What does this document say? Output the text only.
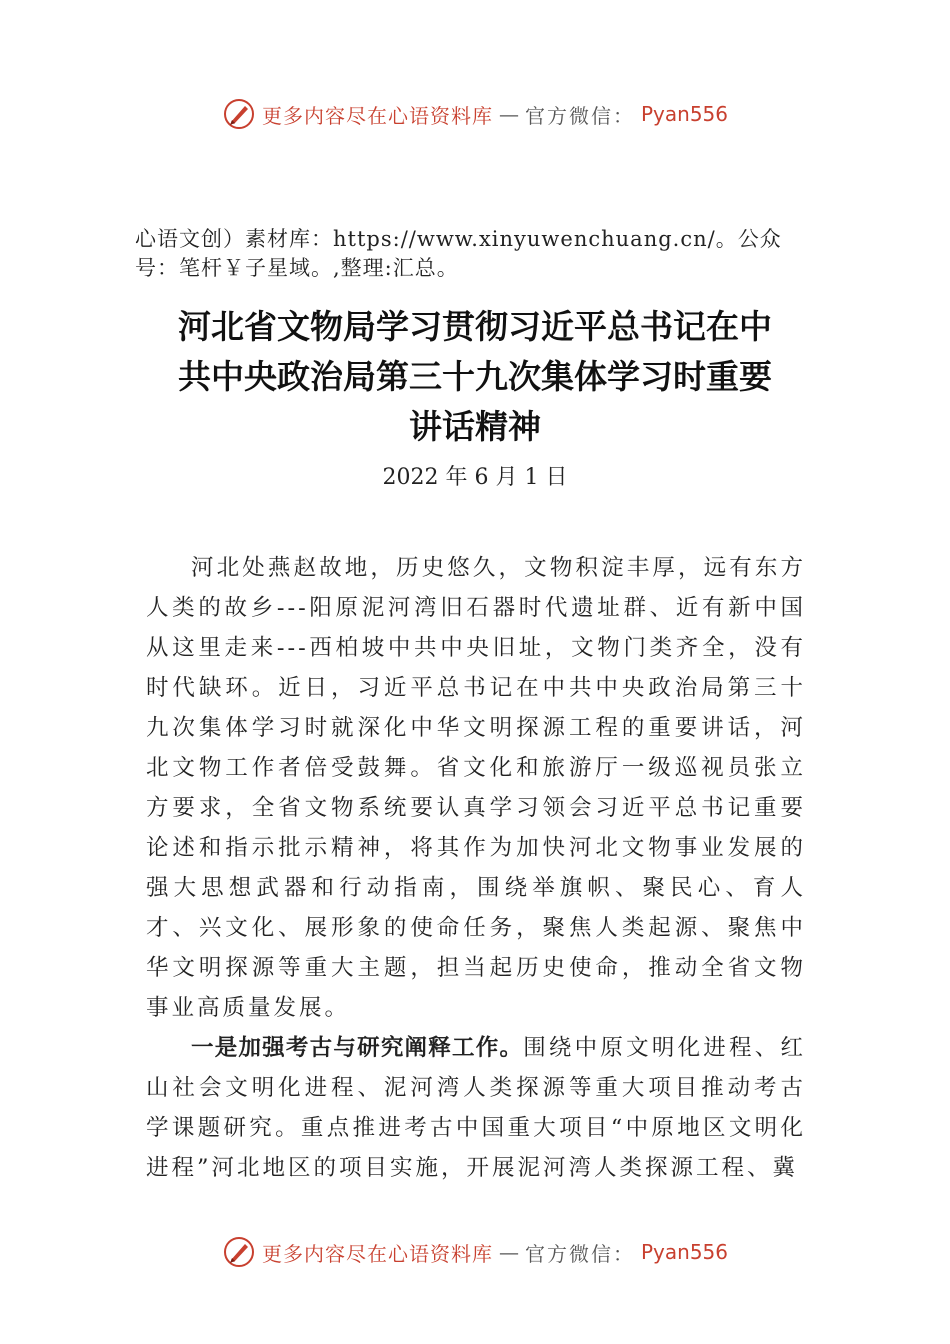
更多内容尽在心语资料库 — 官方微信： Pyan556
心语文创）素材库：https://www.xinyuwenchuang.cn/。公众号：笔杆￥子星域。,整理:汇总。
河北省文物局学习贯彻习近平总书记在中
共中央政治局第三十九次集体学习时重要
讲话精神
2022 年 6 月 1 日

河北处燕赵故地，历史悠久，文物积淀丰厚，远有东方人类的故乡---阳原泥河湾旧石器时代遗址群、近有新中国从这里走来---西柏坡中共中央旧址，文物门类齐全，没有时代缺环。近日，习近平总书记在中共中央政治局第三十九次集体学习时就深化中华文明探源工程的重要讲话，河北文物工作者倍受鼓舞。省文化和旅游厅一级巡视员张立方要求，全省文物系统要认真学习领会习近平总书记重要论述和指示批示精神，将其作为加快河北文物事业发展的强大思想武器和行动指南，围绕举旗帜、聚民心、育人才、兴文化、展形象的使命任务，聚焦人类起源、聚焦中华文明探源等重大主题，担当起历史使命，推动全省文物事业高质量发展。

一是加强考古与研究阐释工作。围绕中原文明化进程、红山社会文明化进程、泥河湾人类探源等重大项目推动考古学课题研究。重点推进考古中国重大项目“中原地区文明化进程”河北地区的项目实施，开展泥河湾人类探源工程、冀

更多内容尽在心语资料库 — 官方微信： Pyan556
